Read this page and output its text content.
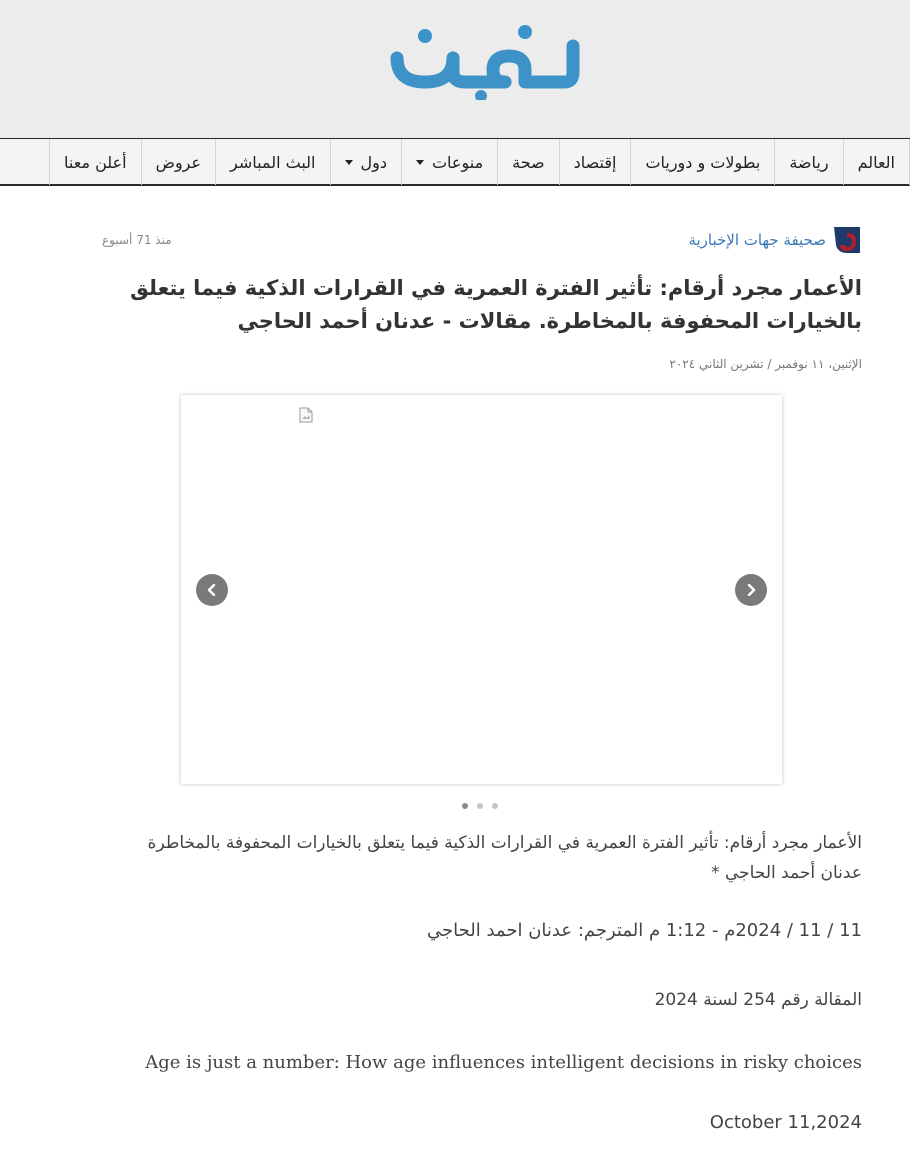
العالم
رياضة
بطولات و دوريات
إقتصاد
صحة
منوعات
دول
البث المباشر
عروض
أعلن معنا
صحيفة جهات الإخبارية
منذ 71 أسبوع
الأعمار مجرد أرقام: تأثير الفترة العمرية في القرارات الذكية فيما يتعلق بالخيارات المحفوفة بالمخاطرة. مقالات - عدنان أحمد الحاجي
الإثنين، ١١ نوفمبر / تشرين الثاني ٢٠٢٤

الأعمار مجرد أرقام: تأثير الفترة العمرية في القرارات الذكية فيما يتعلق بالخيارات المحفوفة بالمخاطرة عدنان أحمد الحاجي *

11 / 11 / 2024م - 1:12 م المترجم: عدنان احمد الحاجي

المقالة رقم 254 لسنة 2024

Age is just a number: How age influences intelligent decisions in risky choices

October 11,2024
